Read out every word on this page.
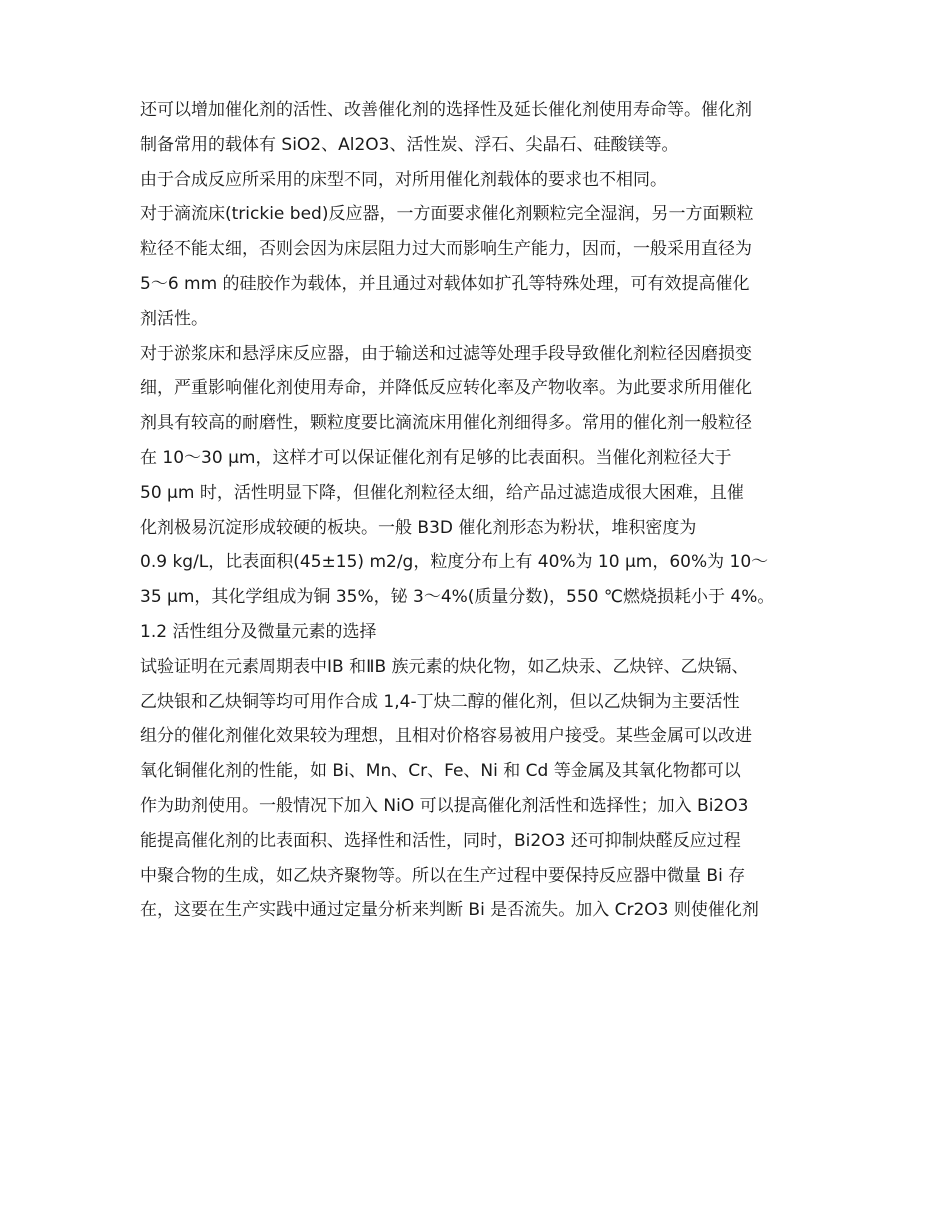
还可以增加催化剂的活性、改善催化剂的选择性及延长催化剂使用寿命等。催化剂
制备常用的载体有 SiO2、Al2O3、活性炭、浮石、尖晶石、硅酸镁等。
由于合成反应所采用的床型不同，对所用催化剂载体的要求也不相同。
对于滴流床(trickie bed)反应器，一方面要求催化剂颗粒完全湿润，另一方面颗粒
粒径不能太细，否则会因为床层阻力过大而影响生产能力，因而，一般采用直径为
5～6 mm 的硅胶作为载体，并且通过对载体如扩孔等特殊处理，可有效提高催化
剂活性。
对于淤浆床和悬浮床反应器，由于输送和过滤等处理手段导致催化剂粒径因磨损变
细，严重影响催化剂使用寿命，并降低反应转化率及产物收率。为此要求所用催化
剂具有较高的耐磨性，颗粒度要比滴流床用催化剂细得多。常用的催化剂一般粒径
在 10～30 μm，这样才可以保证催化剂有足够的比表面积。当催化剂粒径大于
50 μm 时，活性明显下降，但催化剂粒径太细，给产品过滤造成很大困难，且催
化剂极易沉淀形成较硬的板块。一般 B3D 催化剂形态为粉状，堆积密度为
0.9 kg/L，比表面积(45±15) m2/g，粒度分布上有 40%为 10 μm，60%为 10～
35 μm，其化学组成为铜 35%，铋 3～4%(质量分数)，550 ℃燃烧损耗小于 4%。
1.2 活性组分及微量元素的选择
试验证明在元素周期表中ⅠB 和ⅡB 族元素的炔化物，如乙炔汞、乙炔锌、乙炔镉、
乙炔银和乙炔铜等均可用作合成 1,4-丁炔二醇的催化剂，但以乙炔铜为主要活性
组分的催化剂催化效果较为理想，且相对价格容易被用户接受。某些金属可以改进
氧化铜催化剂的性能，如 Bi、Mn、Cr、Fe、Ni 和 Cd 等金属及其氧化物都可以
作为助剂使用。一般情况下加入 NiO 可以提高催化剂活性和选择性；加入 Bi2O3
能提高催化剂的比表面积、选择性和活性，同时，Bi2O3 还可抑制炔醛反应过程
中聚合物的生成，如乙炔齐聚物等。所以在生产过程中要保持反应器中微量 Bi 存
在，这要在生产实践中通过定量分析来判断 Bi 是否流失。加入 Cr2O3 则使催化剂
